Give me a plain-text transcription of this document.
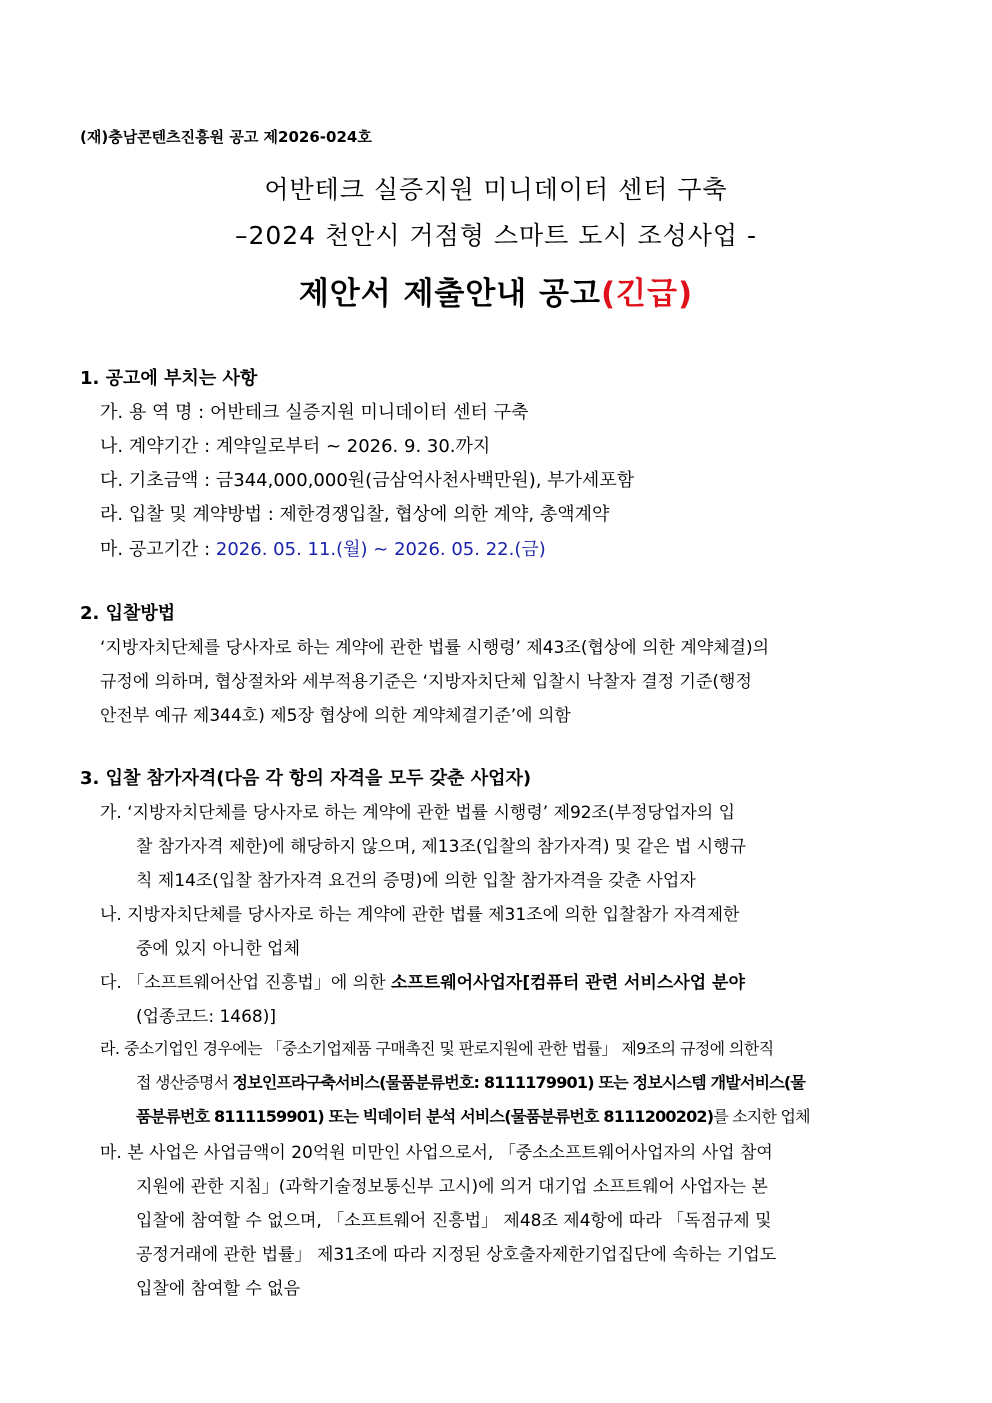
(재)충남콘텐츠진흥원 공고 제2026-024호
어반테크 실증지원 미니데이터 센터 구축
–2024 천안시 거점형 스마트 도시 조성사업 -
제안서 제출안내 공고(긴급)
1. 공고에 부치는 사항
가. 용 역 명 : 어반테크 실증지원 미니데이터 센터 구축
나. 계약기간 : 계약일로부터 ~ 2026. 9. 30.까지
다. 기초금액 : 금344,000,000원(금삼억사천사백만원), 부가세포함
라. 입찰 및 계약방법 : 제한경쟁입찰, 협상에 의한 계약, 총액계약
마. 공고기간 : 2026. 05. 11.(월) ~ 2026. 05. 22.(금)
2. 입찰방법
‘지방자치단체를 당사자로 하는 계약에 관한 법률 시행령’ 제43조(협상에 의한 계약체결)의
규정에 의하며, 협상절차와 세부적용기준은 ‘지방자치단체 입찰시 낙찰자 결정 기준(행정
안전부 예규 제344호) 제5장 협상에 의한 계약체결기준’에 의함
3. 입찰 참가자격(다음 각 항의 자격을 모두 갖춘 사업자)
가. ‘지방자치단체를 당사자로 하는 계약에 관한 법률 시행령’ 제92조(부정당업자의 입
찰 참가자격 제한)에 해당하지 않으며, 제13조(입찰의 참가자격) 및 같은 법 시행규
칙 제14조(입찰 참가자격 요건의 증명)에 의한 입찰 참가자격을 갖춘 사업자
나. 지방자치단체를 당사자로 하는 계약에 관한 법률 제31조에 의한 입찰참가 자격제한
중에 있지 아니한 업체
다. 「소프트웨어산업 진흥법」에 의한 소프트웨어사업자[컴퓨터 관련 서비스사업 분야
(업종코드: 1468)]
라. 중소기업인 경우에는 「중소기업제품 구매촉진 및 판로지원에 관한 법률」 제9조의 규정에 의한직
접 생산증명서 정보인프라구축서비스(물품분류번호: 8111179901) 또는 정보시스템 개발서비스(물
품분류번호 8111159901) 또는 빅데이터 분석 서비스(물품분류번호 8111200202)를 소지한 업체
마. 본 사업은 사업금액이 20억원 미만인 사업으로서, 「중소소프트웨어사업자의 사업 참여
지원에 관한 지침」(과학기술정보통신부 고시)에 의거 대기업 소프트웨어 사업자는 본
입찰에 참여할 수 없으며, 「소프트웨어 진흥법」 제48조 제4항에 따라 「독점규제 및
공정거래에 관한 법률」 제31조에 따라 지정된 상호출자제한기업집단에 속하는 기업도
입찰에 참여할 수 없음
